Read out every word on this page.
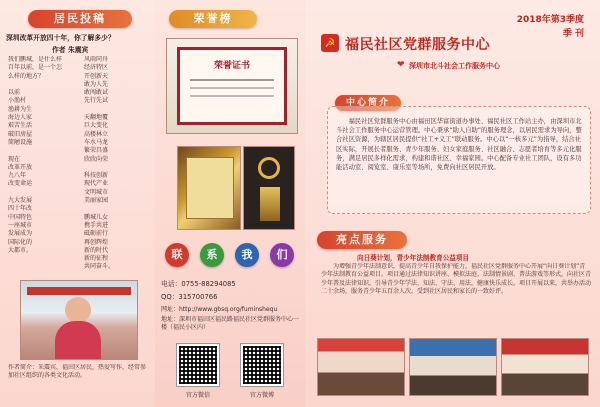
居民投稿
深圳改革开放四十年，你了解多少？
作者 朱震宾
我们鹏城，是什么样
百年以前，是一个怎
么样的地方？

以前
小渔村
渔耕为生
海边人家
艰苦生活
破旧房屋
简陋设施

现在
改革开放
九八年
改变命运

九大发展
四十年改
中国特色
一座城市
发展成为
国际化的
大都市。
风雨同舟
经济特区
开创新天
敢为人先
敢闯敢试
先行先试

天翻地覆
巨大变化
高楼林立
车水马龙
繁荣昌盛
欣欣向荣

科技创新
现代产业
文明城市
美丽家园

鹏城儿女
携手共进
砥砺前行
再创辉煌
新的时代
新的征程
共同奋斗。
作者简介：朱震宾，福田区居民，热爱写作，经常参加社区组织的各类文化活动。
荣誉榜
荣誉证书
联	系	我	们
电话：0755-88294085
QQ：315700766
网址：http://www.gbsq.org/fuminshequ
地址：深圳市福田区福民路福民社区党群服务中心一楼（福民小区内）
官方微信	官方微博
2018年第3季度
季 刊
☭ 福民社区党群服务中心
❤ 深圳市北斗社会工作服务中心
中心简介
福民社区党群服务中心由福田区华富街道办事处、福民社区工作站主办，由深圳市北斗社会工作服务中心运营管理。中心秉承“助人自助”的服务理念，以居民需求为导向，整合社区资源，为辖区居民提供“社工+义工”联动服务。中心以“一核多元”为指导，结合社区实际，开展长者服务、青少年服务、妇女家庭服务、社区融合、志愿者培育等多元化服务，满足居民多样化需求，构建和谐社区、幸福家园。中心配备专业社工团队，设有多功能活动室、阅览室、康乐室等场所，免费向社区居民开放。
亮点服务
向日葵计划，青少年法制教育公益项目
为增强青少年法制意识，提高青少年自我保护能力，福民社区党群服务中心开展“向日葵计划”青少年法制教育公益项目。项目通过法律知识讲座、模拟法庭、法制情景剧、普法游戏等形式，向社区青少年普及法律知识，引导青少年学法、知法、守法、用法，健康快乐成长。项目开展以来，共举办活动二十余场，服务青少年五百余人次，受到社区居民和家长的一致好评。
